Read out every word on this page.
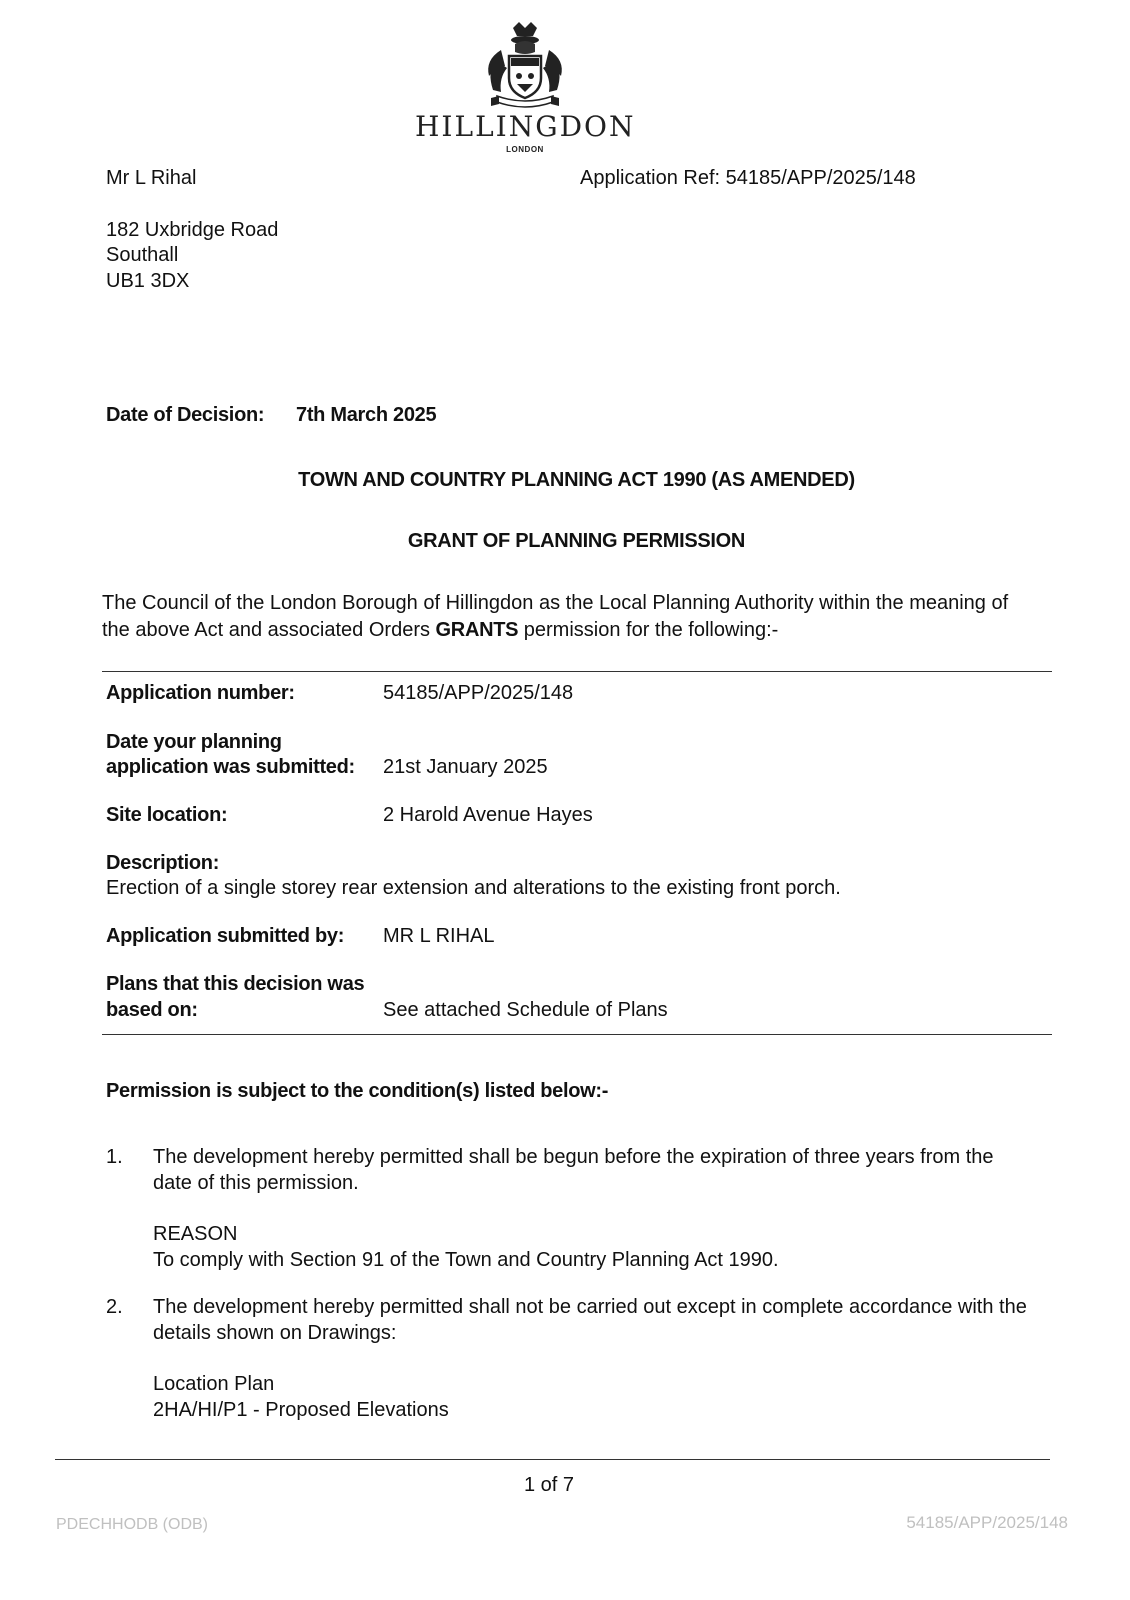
HILLINGDON
LONDON
Mr L Rihal	Application Ref: 54185/APP/2025/148
182 Uxbridge Road
Southall
UB1 3DX
Date of Decision: 7th March 2025
TOWN AND COUNTRY PLANNING ACT 1990 (AS AMENDED)
GRANT OF PLANNING PERMISSION
The Council of the London Borough of Hillingdon as the Local Planning Authority within the meaning of
the above Act and associated Orders GRANTS permission for the following:-
Application number:	54185/APP/2025/148
Date your planning
application was submitted: 21st January 2025
Site location:	2 Harold Avenue Hayes
Description:
Erection of a single storey rear extension and alterations to the existing front porch.
Application submitted by: MR L RIHAL
Plans that this decision was
based on:	See attached Schedule of Plans
Permission is subject to the condition(s) listed below:-
1. The development hereby permitted shall be begun before the expiration of three years from the
date of this permission.
REASON
To comply with Section 91 of the Town and Country Planning Act 1990.
2. The development hereby permitted shall not be carried out except in complete accordance with the
details shown on Drawings:
Location Plan
2HA/HI/P1 - Proposed Elevations
1 of 7
PDECHHODB (ODB)	54185/APP/2025/148
